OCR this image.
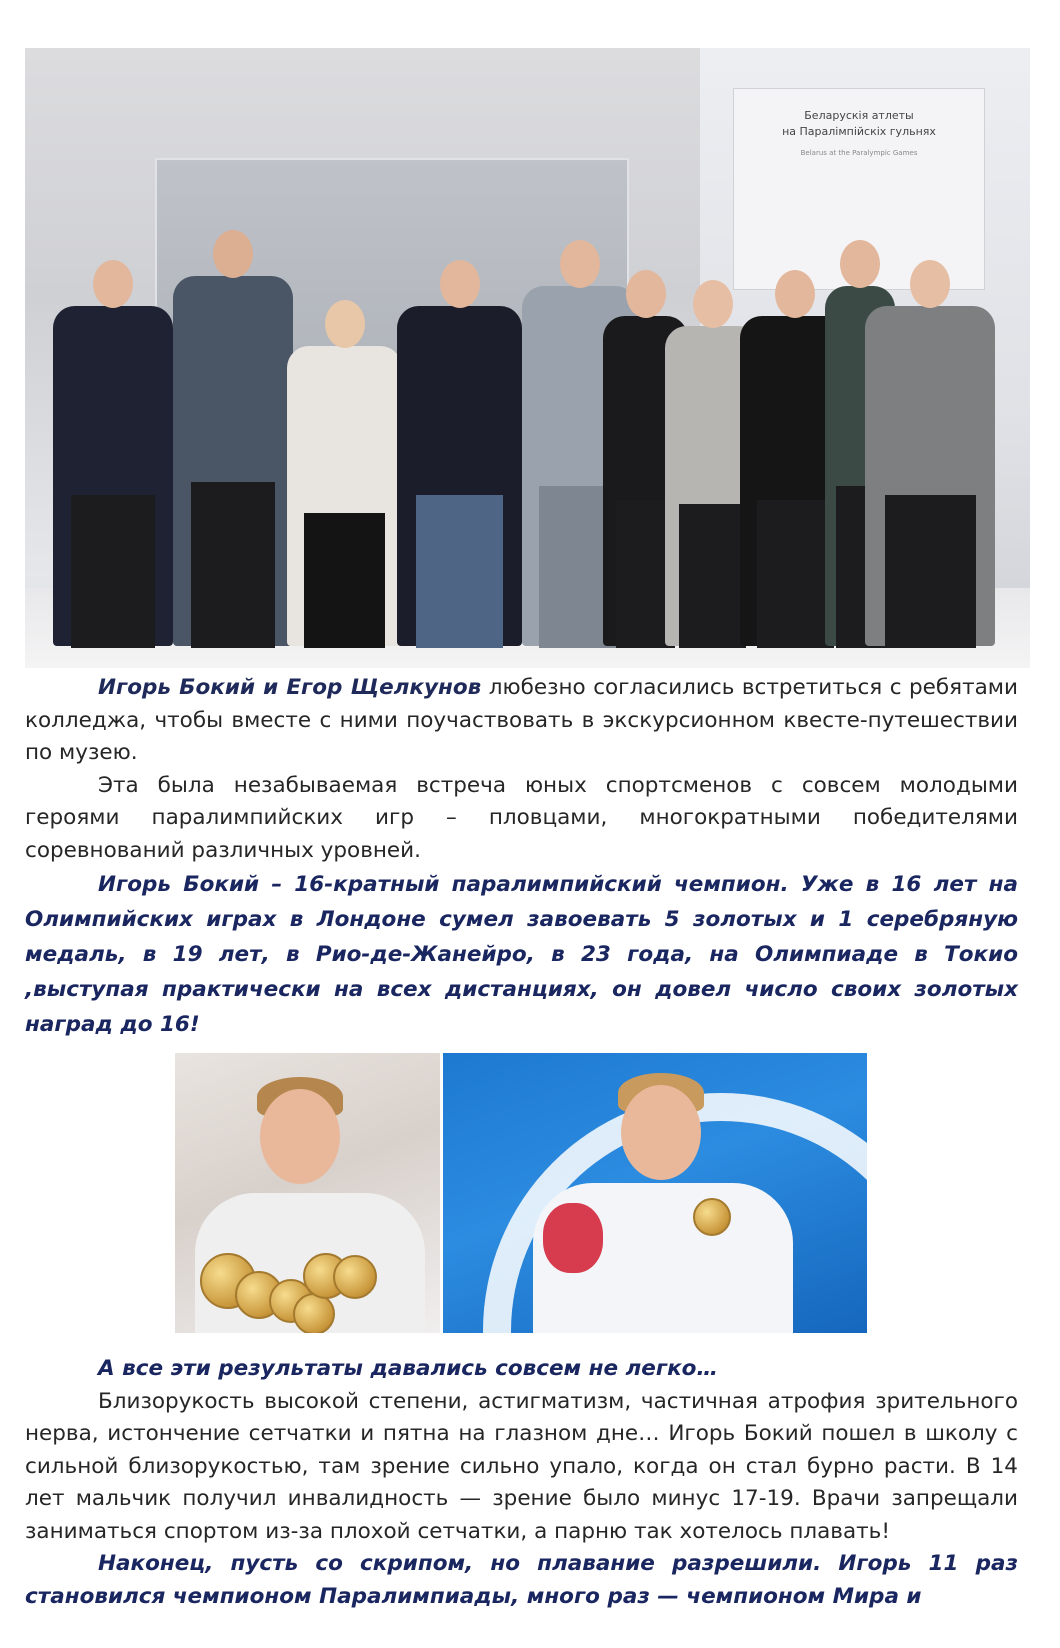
Беларускія атлеты
на Паралімпійскіх гульнях
Belarus at the Paralympic Games

Игорь Бокий и Егор Щелкунов любезно согласились встретиться с ребятами колледжа, чтобы вместе с ними поучаствовать в экскурсионном квесте-путешествии по музею.

Эта была незабываемая встреча юных спортсменов с совсем молодыми героями паралимпийских игр – пловцами, многократными победителями соревнований различных уровней.

Игорь Бокий – 16-кратный паралимпийский чемпион. Уже в 16 лет на Олимпийских играх в Лондоне сумел завоевать 5 золотых и 1 серебряную медаль, в 19 лет, в Рио-де-Жанейро, в 23 года, на Олимпиаде в Токио ,выступая практически на всех дистанциях, он довел число своих золотых наград до 16!

А все эти результаты давались совсем не легко…

Близорукость высокой степени, астигматизм, частичная атрофия зрительного нерва, истончение сетчатки и пятна на глазном дне… Игорь Бокий пошел в школу с сильной близорукостью, там зрение сильно упало, когда он стал бурно расти. В 14 лет мальчик получил инвалидность — зрение было минус 17-19. Врачи запрещали заниматься спортом из-за плохой сетчатки, а парню так хотелось плавать!

Наконец, пусть со скрипом, но плавание разрешили. Игорь 11 раз становился чемпионом Паралимпиады, много раз — чемпионом Мира и
